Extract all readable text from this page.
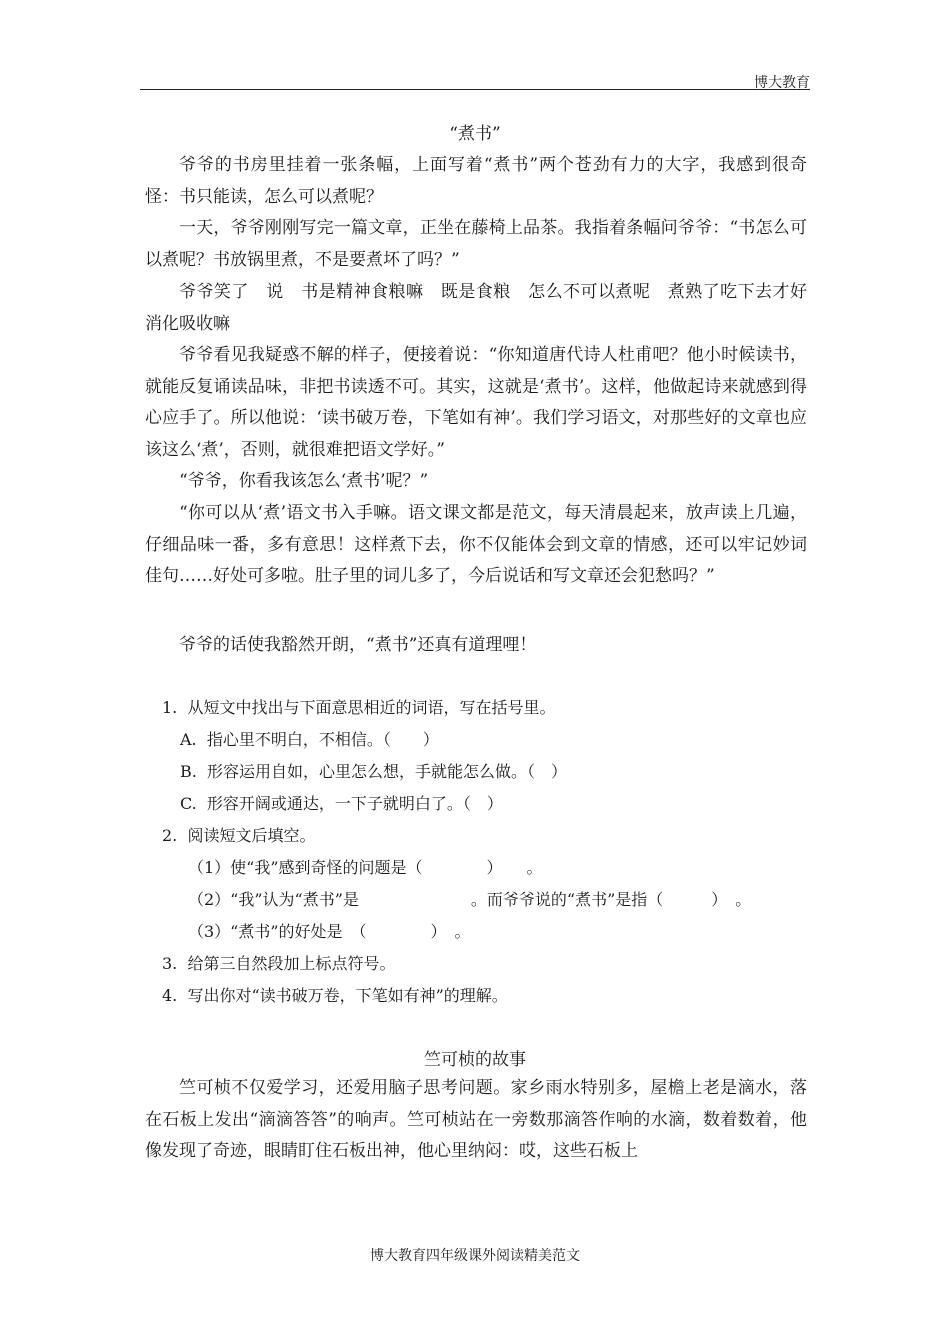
博大教育
“煮书”
爷爷的书房里挂着一张条幅，上面写着“煮书”两个苍劲有力的大字，我感到很奇怪：书只能读，怎么可以煮呢？
一天，爷爷刚刚写完一篇文章，正坐在藤椅上品茶。我指着条幅问爷爷：“书怎么可以煮呢？书放锅里煮，不是要煮坏了吗？”
爷爷笑了　说　书是精神食粮嘛　既是食粮　怎么不可以煮呢　煮熟了吃下去才好消化吸收嘛
爷爷看见我疑惑不解的样子，便接着说：“你知道唐代诗人杜甫吧？他小时候读书，就能反复诵读品味，非把书读透不可。其实，这就是‘煮书’。这样，他做起诗来就感到得心应手了。所以他说：‘读书破万卷，下笔如有神’。我们学习语文，对那些好的文章也应该这么‘煮’，否则，就很难把语文学好。”
“爷爷，你看我该怎么‘煮书’呢？”
“你可以从‘煮’语文书入手嘛。语文课文都是范文，每天清晨起来，放声读上几遍，仔细品味一番，多有意思！这样煮下去，你不仅能体会到文章的情感，还可以牢记妙词佳句……好处可多啦。肚子里的词儿多了，今后说话和写文章还会犯愁吗？”
爷爷的话使我豁然开朗，“煮书”还真有道理哩！
1.  从短文中找出与下面意思相近的词语，写在括号里。
A.  指心里不明白，不相信。（　　）
B.  形容运用自如，心里怎么想，手就能怎么做。（　）
C.  形容开阔或通达，一下子就明白了。（　）
2.  阅读短文后填空。
（1）使“我”感到奇怪的问题是（　　　　）　　。
（2）“我”认为“煮书”是　　　　　　　。而爷爷说的“煮书”是指（　　　）　。
（3）“煮书”的好处是　（　　　　）　。
3.  给第三自然段加上标点符号。
4.  写出你对“读书破万卷，下笔如有神”的理解。
竺可桢的故事
竺可桢不仅爱学习，还爱用脑子思考问题。家乡雨水特别多，屋檐上老是滴水，落在石板上发出“滴滴答答”的响声。竺可桢站在一旁数那滴答作响的水滴，数着数着，他像发现了奇迹，眼睛盯住石板出神，他心里纳闷：哎，这些石板上
博大教育四年级课外阅读精美范文
